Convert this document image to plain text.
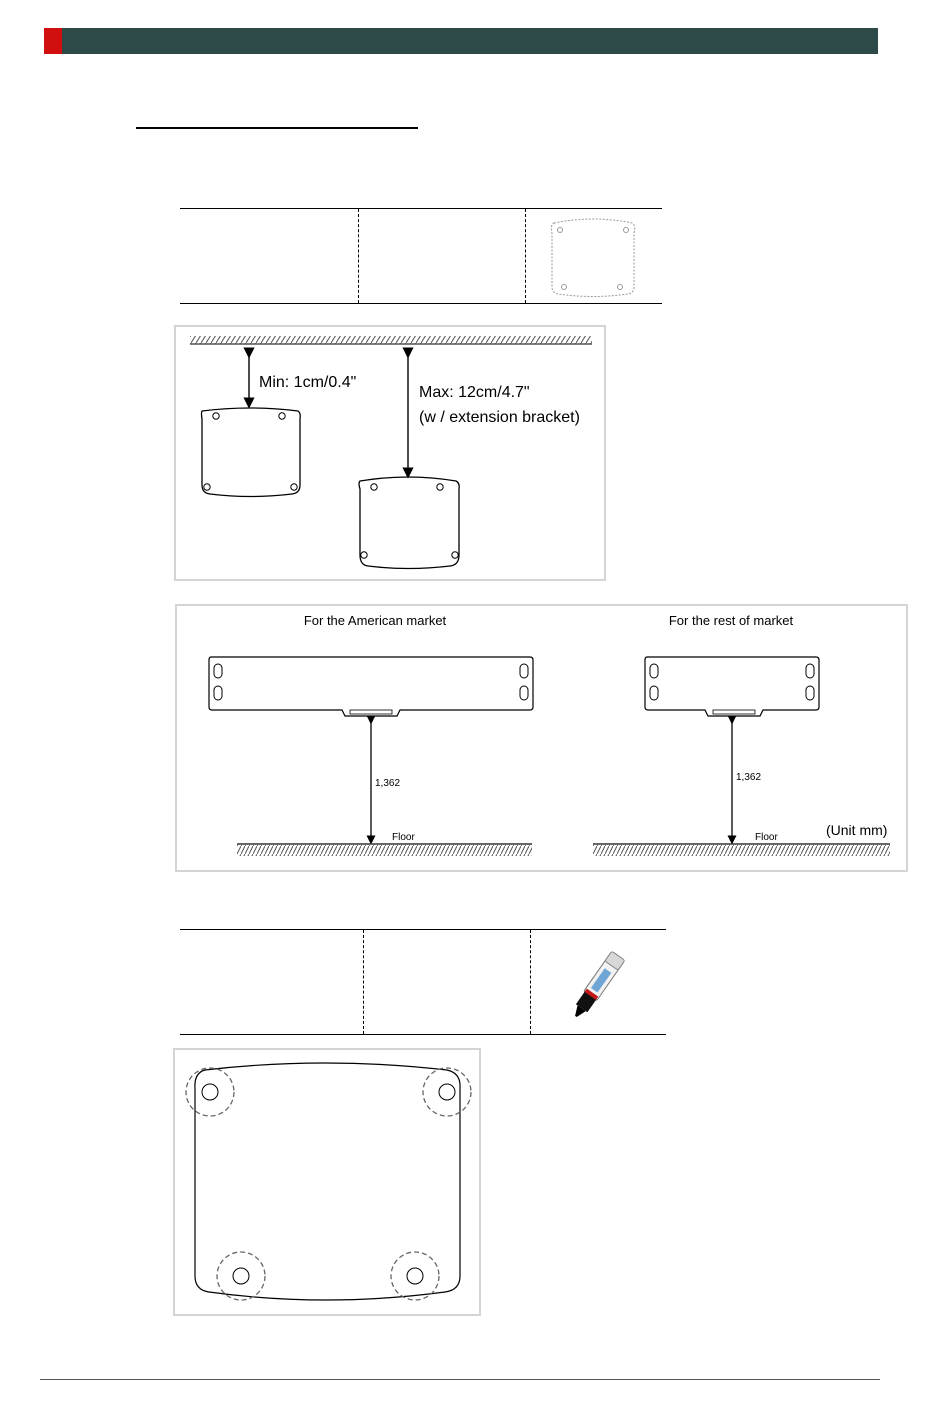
Min: 1cm/0.4"
Max: 12cm/4.7"
(w / extension bracket)
For the American market
1,362
Floor
For the rest of market
1,362
Floor	(Unit mm)
